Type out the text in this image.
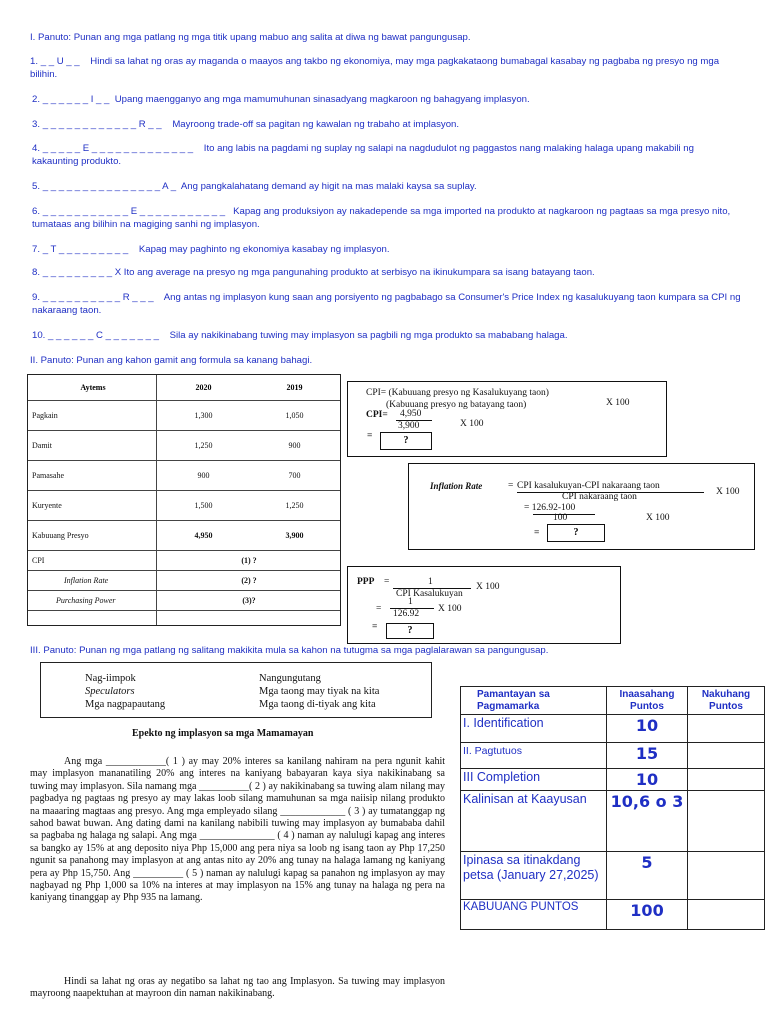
I. Panuto: Punan ang mga patlang ng mga titik upang mabuo ang salita at diwa ng bawat pangungusap.
1. _ _ U _ _ Hindi sa lahat ng oras ay maganda o maayos ang takbo ng ekonomiya, may mga pagkakataong bumabagal kasabay ng pagbaba ng presyo ng mga bilihin.
2. _ _ _ _ _ _ I _ _ Upang maengganyo ang mga mamumuhunan sinasadyang magkaroon ng bahagyang implasyon.
3. _ _ _ _ _ _ _ _ _ _ _ _ R _ _ Mayroong trade-off sa pagitan ng kawalan ng trabaho at implasyon.
4. _ _ _ _ _ E _ _ _ _ _ _ _ _ _ _ _ _ _ Ito ang labis na pagdami ng suplay ng salapi na nagdudulot ng paggastos nang malaking halaga upang makabili ng kakaunting produkto.
5. _ _ _ _ _ _ _ _ _ _ _ _ _ _ _ A _ Ang pangkalahatang demand ay higit na mas malaki kaysa sa suplay.
6. _ _ _ _ _ _ _ _ _ _ _ E _ _ _ _ _ _ _ _ _ _ _ Kapag ang produksiyon ay nakadepende sa mga imported na produkto at nagkaroon ng pagtaas sa mga presyo nito, tumataas ang bilihin na magiging sanhi ng implasyon.
7. _ T _ _ _ _ _ _ _ _ _ Kapag may paghinto ng ekonomiya kasabay ng implasyon.
8. _ _ _ _ _ _ _ _ _ X Ito ang average na presyo ng mga pangunahing produkto at serbisyo na ikinukumpara sa isang batayang taon.
9. _ _ _ _ _ _ _ _ _ _ R _ _ _ Ang antas ng implasyon kung saan ang porsiyento ng pagbabago sa Consumer's Price Index ng kasalukuyang taon kumpara sa CPI ng nakaraang taon.
10. _ _ _ _ _ _ C _ _ _ _ _ _ _ Sila ay nakikinabang tuwing may implasyon sa pagbili ng mga produkto sa mababang halaga.
II. Panuto: Punan ang kahon gamit ang formula sa kanang bahagi.
Aytems	2020	2019
Pagkain	1,300	1,050
Damit	1,250	900
Pamasahe	900	700
Kuryente	1,500	1,250
Kabuuang Presyo	4,950	3,900
CPI	(1) ?	
Inflation Rate	(2) ?	
Purchasing Power	(3)?	

CPI= (Kabuuang presyo ng Kasalukuyang taon)
(Kabuuang presyo ng batayang taon)	X 100
CPI= 4,950
3,900	X 100
=	?
Inflation Rate	= CPI kasalukuyan-CPI nakaraang taon
CPI nakaraang taon	X 100
= 126.92-100
100	X 100
=	?
PPP =	1
CPI Kasalukuyan
X 100
=
1
126.92 X 100
=	?
III. Panuto: Punan ng mga patlang ng salitang makikita mula sa kahon na tutugma sa mga paglalarawan sa pangungusap.
Nag-iimpok	Nangungutang
Speculators	Mga taong may tiyak na kita
Mga nagpapautang	Mga taong di-tiyak ang kita
Epekto ng implasyon sa mga Mamamayan
Ang mga ____________( 1 ) ay may 20% interes sa kanilang nahiram na pera ngunit kahit may implasyon mananatiling 20% ang interes na kaniyang babayaran kaya siya nakikinabang sa tuwing may implasyon. Sila namang mga __________( 2 ) ay nakikinabang sa tuwing alam nilang may pagbadya ng pagtaas ng presyo ay may lakas loob silang mamuhunan sa mga naiisip nilang produkto na maaaring magtaas ang presyo. Ang mga empleyado silang _____________ ( 3 ) ay tumatanggap ng sahod bawat buwan. Ang dating dami na kanilang nabibili tuwing may implasyon ay bumababa dahil sa pagbaba ng halaga ng salapi. Ang mga _______________ ( 4 ) naman ay nalulugi kapag ang interes sa bangko ay 15% at ang deposito niya Php 15,000 ang pera niya sa loob ng isang taon ay Php 17,250 ngunit sa panahong may implasyon at ang antas nito ay 20% ang tunay na halaga lamang ng kaniyang pera ay Php 15,750. Ang __________ ( 5 ) naman ay nalulugi kapag sa panahon ng implasyon ay may nagbayad ng Php 1,000 sa 10% na interes at may implasyon na 15% ang tunay na halaga ng pera na kaniyang tinanggap ay Php 935 na lamang.
Hindi sa lahat ng oras ay negatibo sa lahat ng tao ang Implasyon. Sa tuwing may implasyon mayroong naapektuhan at mayroon din naman nakikinabang.
Pamantayan sa Pagmamarka	Inaasahang Puntos	Nakuhang Puntos
I. Identification	10	
II. Pagtutuos	15	
III Completion	10	
Kalinisan at Kaayusan	10,6 o 3	
Ipinasa sa itinakdang petsa (January 27,2025)	5	
KABUUANG PUNTOS	100	
